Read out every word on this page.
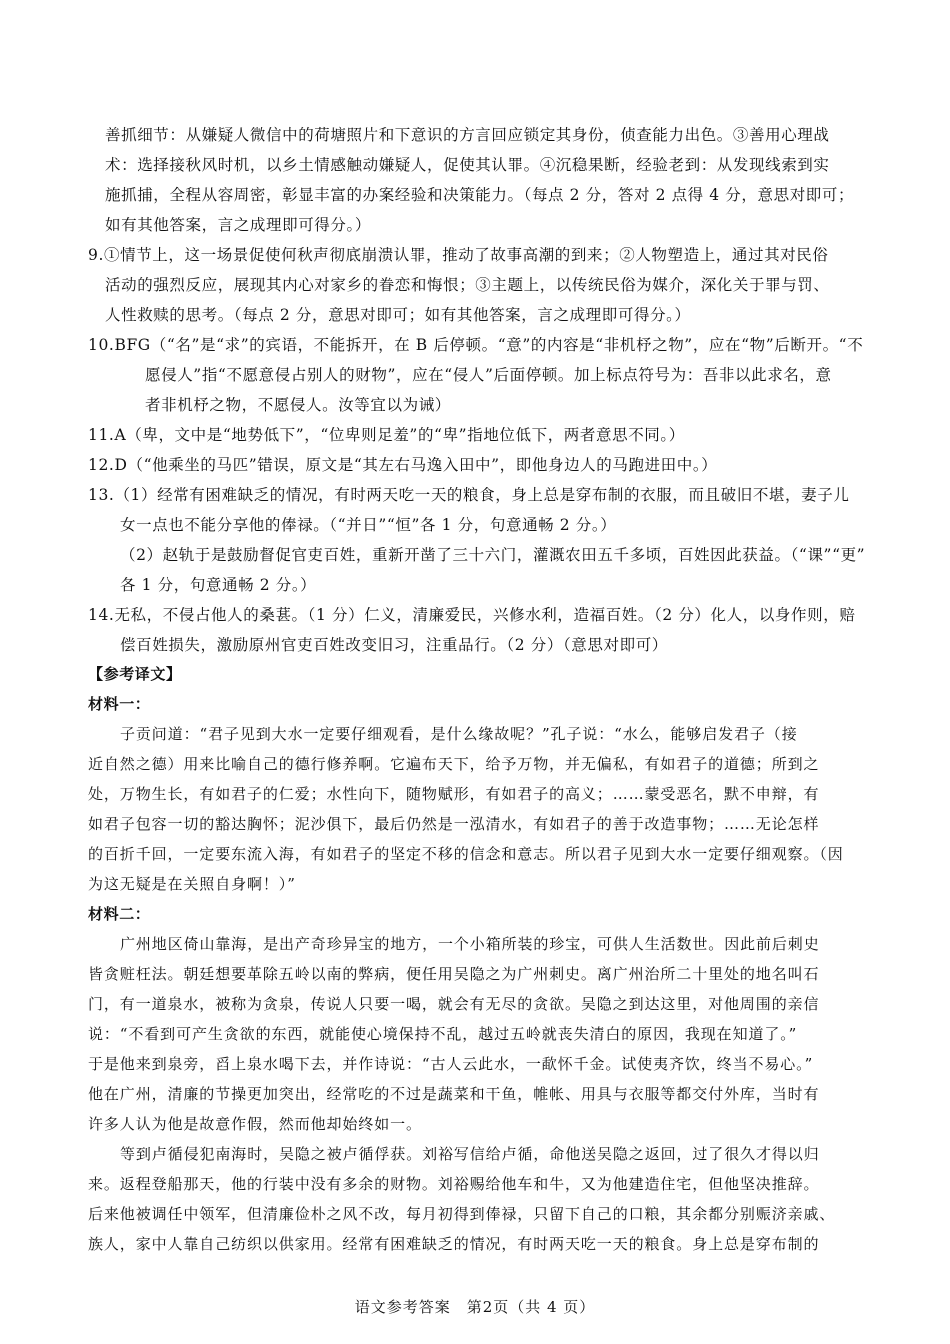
善抓细节：从嫌疑人微信中的荷塘照片和下意识的方言回应锁定其身份，侦查能力出色。③善用心理战
术：选择接秋风时机，以乡土情感触动嫌疑人，促使其认罪。④沉稳果断，经验老到：从发现线索到实
施抓捕，全程从容周密，彰显丰富的办案经验和决策能力。（每点 2 分，答对 2 点得 4 分，意思对即可；
如有其他答案，言之成理即可得分。）
9.①情节上，这一场景促使何秋声彻底崩溃认罪，推动了故事高潮的到来；②人物塑造上，通过其对民俗
活动的强烈反应，展现其内心对家乡的眷恋和悔恨；③主题上，以传统民俗为媒介，深化关于罪与罚、
人性救赎的思考。（每点 2 分，意思对即可；如有其他答案，言之成理即可得分。）
10.BFG（“名”是“求”的宾语，不能拆开，在 B 后停顿。“意”的内容是“非机杼之物”，应在“物”后断开。“不
愿侵人”指“不愿意侵占别人的财物”，应在“侵人”后面停顿。加上标点符号为：吾非以此求名，意
者非机杼之物，不愿侵人。汝等宜以为诫）
11.A（卑，文中是“地势低下”，“位卑则足羞”的“卑”指地位低下，两者意思不同。）
12.D（“他乘坐的马匹”错误，原文是“其左右马逸入田中”，即他身边人的马跑进田中。）
13.（1）经常有困难缺乏的情况，有时两天吃一天的粮食，身上总是穿布制的衣服，而且破旧不堪，妻子儿
女一点也不能分享他的俸禄。（“并日”“恒”各 1 分，句意通畅 2 分。）
（2）赵轨于是鼓励督促官吏百姓，重新开凿了三十六门，灌溉农田五千多顷，百姓因此获益。（“课”“更”
各 1 分，句意通畅 2 分。）
14.无私，不侵占他人的桑葚。（1 分）仁义，清廉爱民，兴修水利，造福百姓。（2 分）化人，以身作则，赔
偿百姓损失，激励原州官吏百姓改变旧习，注重品行。（2 分）（意思对即可）
【参考译文】
材料一：
子贡问道：“君子见到大水一定要仔细观看，是什么缘故呢？”孔子说：“水么，能够启发君子（接
近自然之德）用来比喻自己的德行修养啊。它遍布天下，给予万物，并无偏私，有如君子的道德；所到之
处，万物生长，有如君子的仁爱；水性向下，随物赋形，有如君子的高义；……蒙受恶名，默不申辩，有
如君子包容一切的豁达胸怀；泥沙俱下，最后仍然是一泓清水，有如君子的善于改造事物；……无论怎样
的百折千回，一定要东流入海，有如君子的坚定不移的信念和意志。所以君子见到大水一定要仔细观察。（因
为这无疑是在关照自身啊！）”
材料二：
广州地区倚山靠海，是出产奇珍异宝的地方，一个小箱所装的珍宝，可供人生活数世。因此前后刺史
皆贪赃枉法。朝廷想要革除五岭以南的弊病，便任用吴隐之为广州刺史。离广州治所二十里处的地名叫石
门，有一道泉水，被称为贪泉，传说人只要一喝，就会有无尽的贪欲。吴隐之到达这里，对他周围的亲信
说：“不看到可产生贪欲的东西，就能使心境保持不乱，越过五岭就丧失清白的原因，我现在知道了。”
于是他来到泉旁，舀上泉水喝下去，并作诗说：“古人云此水，一歃怀千金。试使夷齐饮，终当不易心。”
他在广州，清廉的节操更加突出，经常吃的不过是蔬菜和干鱼，帷帐、用具与衣服等都交付外库，当时有
许多人认为他是故意作假，然而他却始终如一。
等到卢循侵犯南海时，吴隐之被卢循俘获。刘裕写信给卢循，命他送吴隐之返回，过了很久才得以归
来。返程登船那天，他的行装中没有多余的财物。刘裕赐给他车和牛，又为他建造住宅，但他坚决推辞。
后来他被调任中领军，但清廉俭朴之风不改，每月初得到俸禄，只留下自己的口粮，其余都分别赈济亲戚、
族人，家中人靠自己纺织以供家用。经常有困难缺乏的情况，有时两天吃一天的粮食。身上总是穿布制的
语文参考答案　第2页（共 4 页）
